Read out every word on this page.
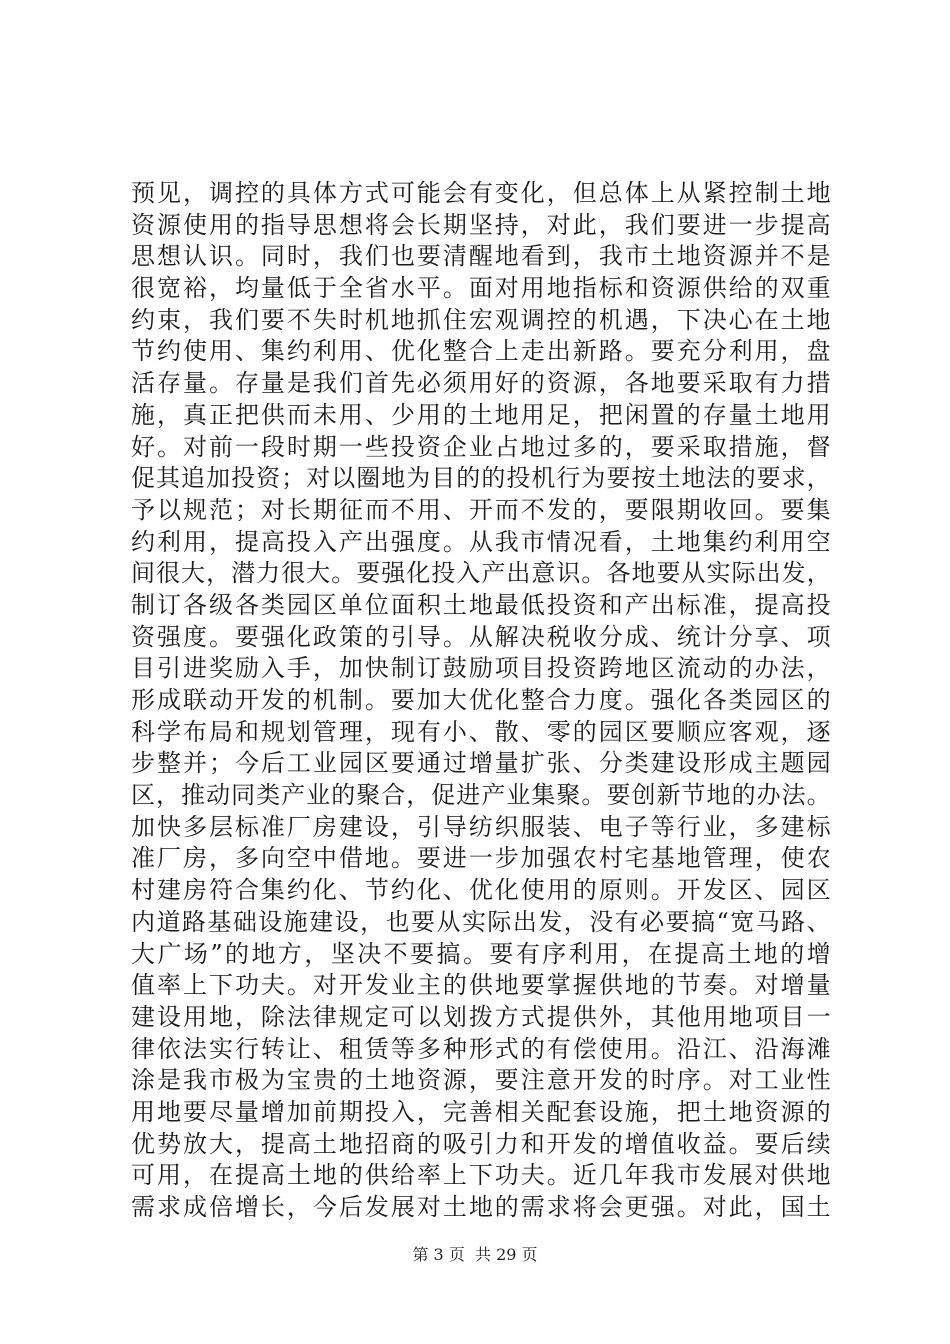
预见，调控的具体方式可能会有变化，但总体上从紧控制土地
资源使用的指导思想将会长期坚持，对此，我们要进一步提高
思想认识。同时，我们也要清醒地看到，我市土地资源并不是
很宽裕，均量低于全省水平。面对用地指标和资源供给的双重
约束，我们要不失时机地抓住宏观调控的机遇，下决心在土地
节约使用、集约利用、优化整合上走出新路。要充分利用，盘
活存量。存量是我们首先必须用好的资源，各地要采取有力措
施，真正把供而未用、少用的土地用足，把闲置的存量土地用
好。对前一段时期一些投资企业占地过多的，要采取措施，督
促其追加投资；对以圈地为目的的投机行为要按土地法的要求，
予以规范；对长期征而不用、开而不发的，要限期收回。要集
约利用，提高投入产出强度。从我市情况看，土地集约利用空
间很大，潜力很大。要强化投入产出意识。各地要从实际出发，
制订各级各类园区单位面积土地最低投资和产出标准，提高投
资强度。要强化政策的引导。从解决税收分成、统计分享、项
目引进奖励入手，加快制订鼓励项目投资跨地区流动的办法，
形成联动开发的机制。要加大优化整合力度。强化各类园区的
科学布局和规划管理，现有小、散、零的园区要顺应客观，逐
步整并；今后工业园区要通过增量扩张、分类建设形成主题园
区，推动同类产业的聚合，促进产业集聚。要创新节地的办法。
加快多层标准厂房建设，引导纺织服装、电子等行业，多建标
准厂房，多向空中借地。要进一步加强农村宅基地管理，使农
村建房符合集约化、节约化、优化使用的原则。开发区、园区
内道路基础设施建设，也要从实际出发，没有必要搞“宽马路、
大广场”的地方，坚决不要搞。要有序利用，在提高土地的增
值率上下功夫。对开发业主的供地要掌握供地的节奏。对增量
建设用地，除法律规定可以划拨方式提供外，其他用地项目一
律依法实行转让、租赁等多种形式的有偿使用。沿江、沿海滩
涂是我市极为宝贵的土地资源，要注意开发的时序。对工业性
用地要尽量增加前期投入，完善相关配套设施，把土地资源的
优势放大，提高土地招商的吸引力和开发的增值收益。要后续
可用，在提高土地的供给率上下功夫。近几年我市发展对供地
需求成倍增长，今后发展对土地的需求将会更强。对此，国土
第 3 页  共 29 页
